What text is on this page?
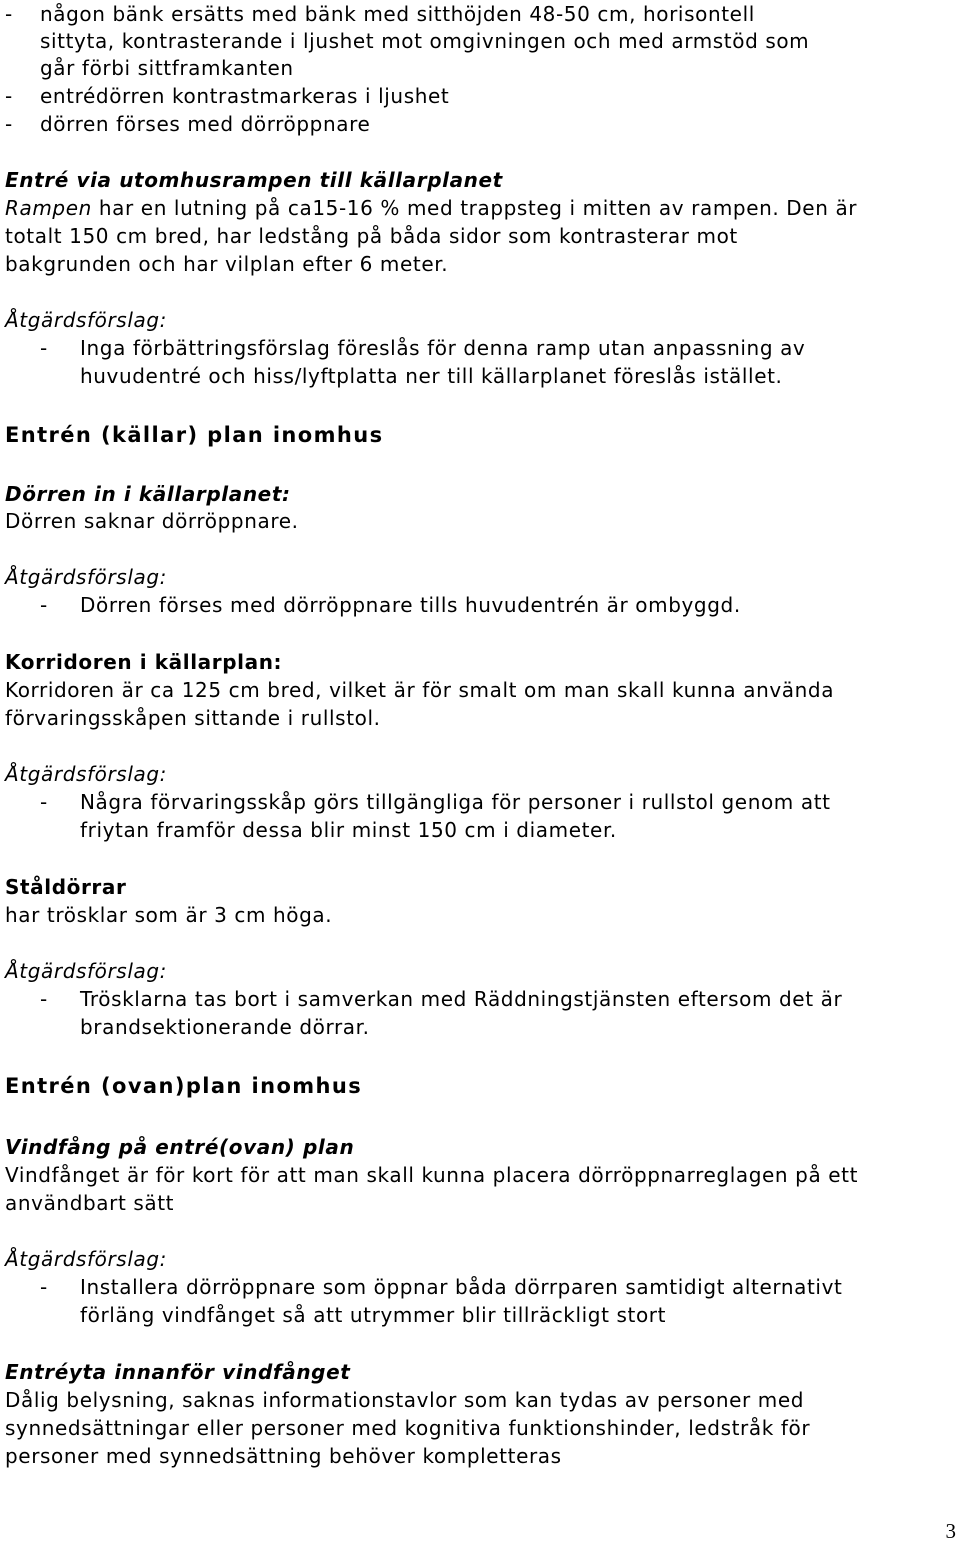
- någon bänk ersätts med bänk med sitthöjden 48-50 cm, horisontell
sittyta, kontrasterande i ljushet mot omgivningen och med armstöd som
går förbi sittframkanten
- entrédörren kontrastmarkeras i ljushet
- dörren förses med dörröppnare
Entré via utomhusrampen till källarplanet
Rampen har en lutning på ca15-16 % med trappsteg i mitten av rampen. Den är
totalt 150 cm bred, har ledstång på båda sidor som kontrasterar mot
bakgrunden och har vilplan efter 6 meter.
Åtgärdsförslag:
-	Inga förbättringsförslag föreslås för denna ramp utan anpassning av
huvudentré och hiss/lyftplatta ner till källarplanet föreslås istället.
Entrén (källar) plan inomhus
Dörren in i källarplanet:
Dörren saknar dörröppnare.
Åtgärdsförslag:
-	Dörren förses med dörröppnare tills huvudentrén är ombyggd.
Korridoren i källarplan:
Korridoren är ca 125 cm bred, vilket är för smalt om man skall kunna använda
förvaringsskåpen sittande i rullstol.
Åtgärdsförslag:
-	Några förvaringsskåp görs tillgängliga för personer i rullstol genom att
friytan framför dessa blir minst 150 cm i diameter.
Ståldörrar
har trösklar som är 3 cm höga.
Åtgärdsförslag:
-	Trösklarna tas bort i samverkan med Räddningstjänsten eftersom det är
brandsektionerande dörrar.
Entrén (ovan)plan inomhus
Vindfång på entré(ovan) plan
Vindfånget är för kort för att man skall kunna placera dörröppnarreglagen på ett
användbart sätt
Åtgärdsförslag:
-	Installera dörröppnare som öppnar båda dörrparen samtidigt alternativt
förläng vindfånget så att utrymmer blir tillräckligt stort
Entréyta innanför vindfånget
Dålig belysning, saknas informationstavlor som kan tydas av personer med
synnedsättningar eller personer med kognitiva funktionshinder, ledstråk för
personer med synnedsättning behöver kompletteras
3
